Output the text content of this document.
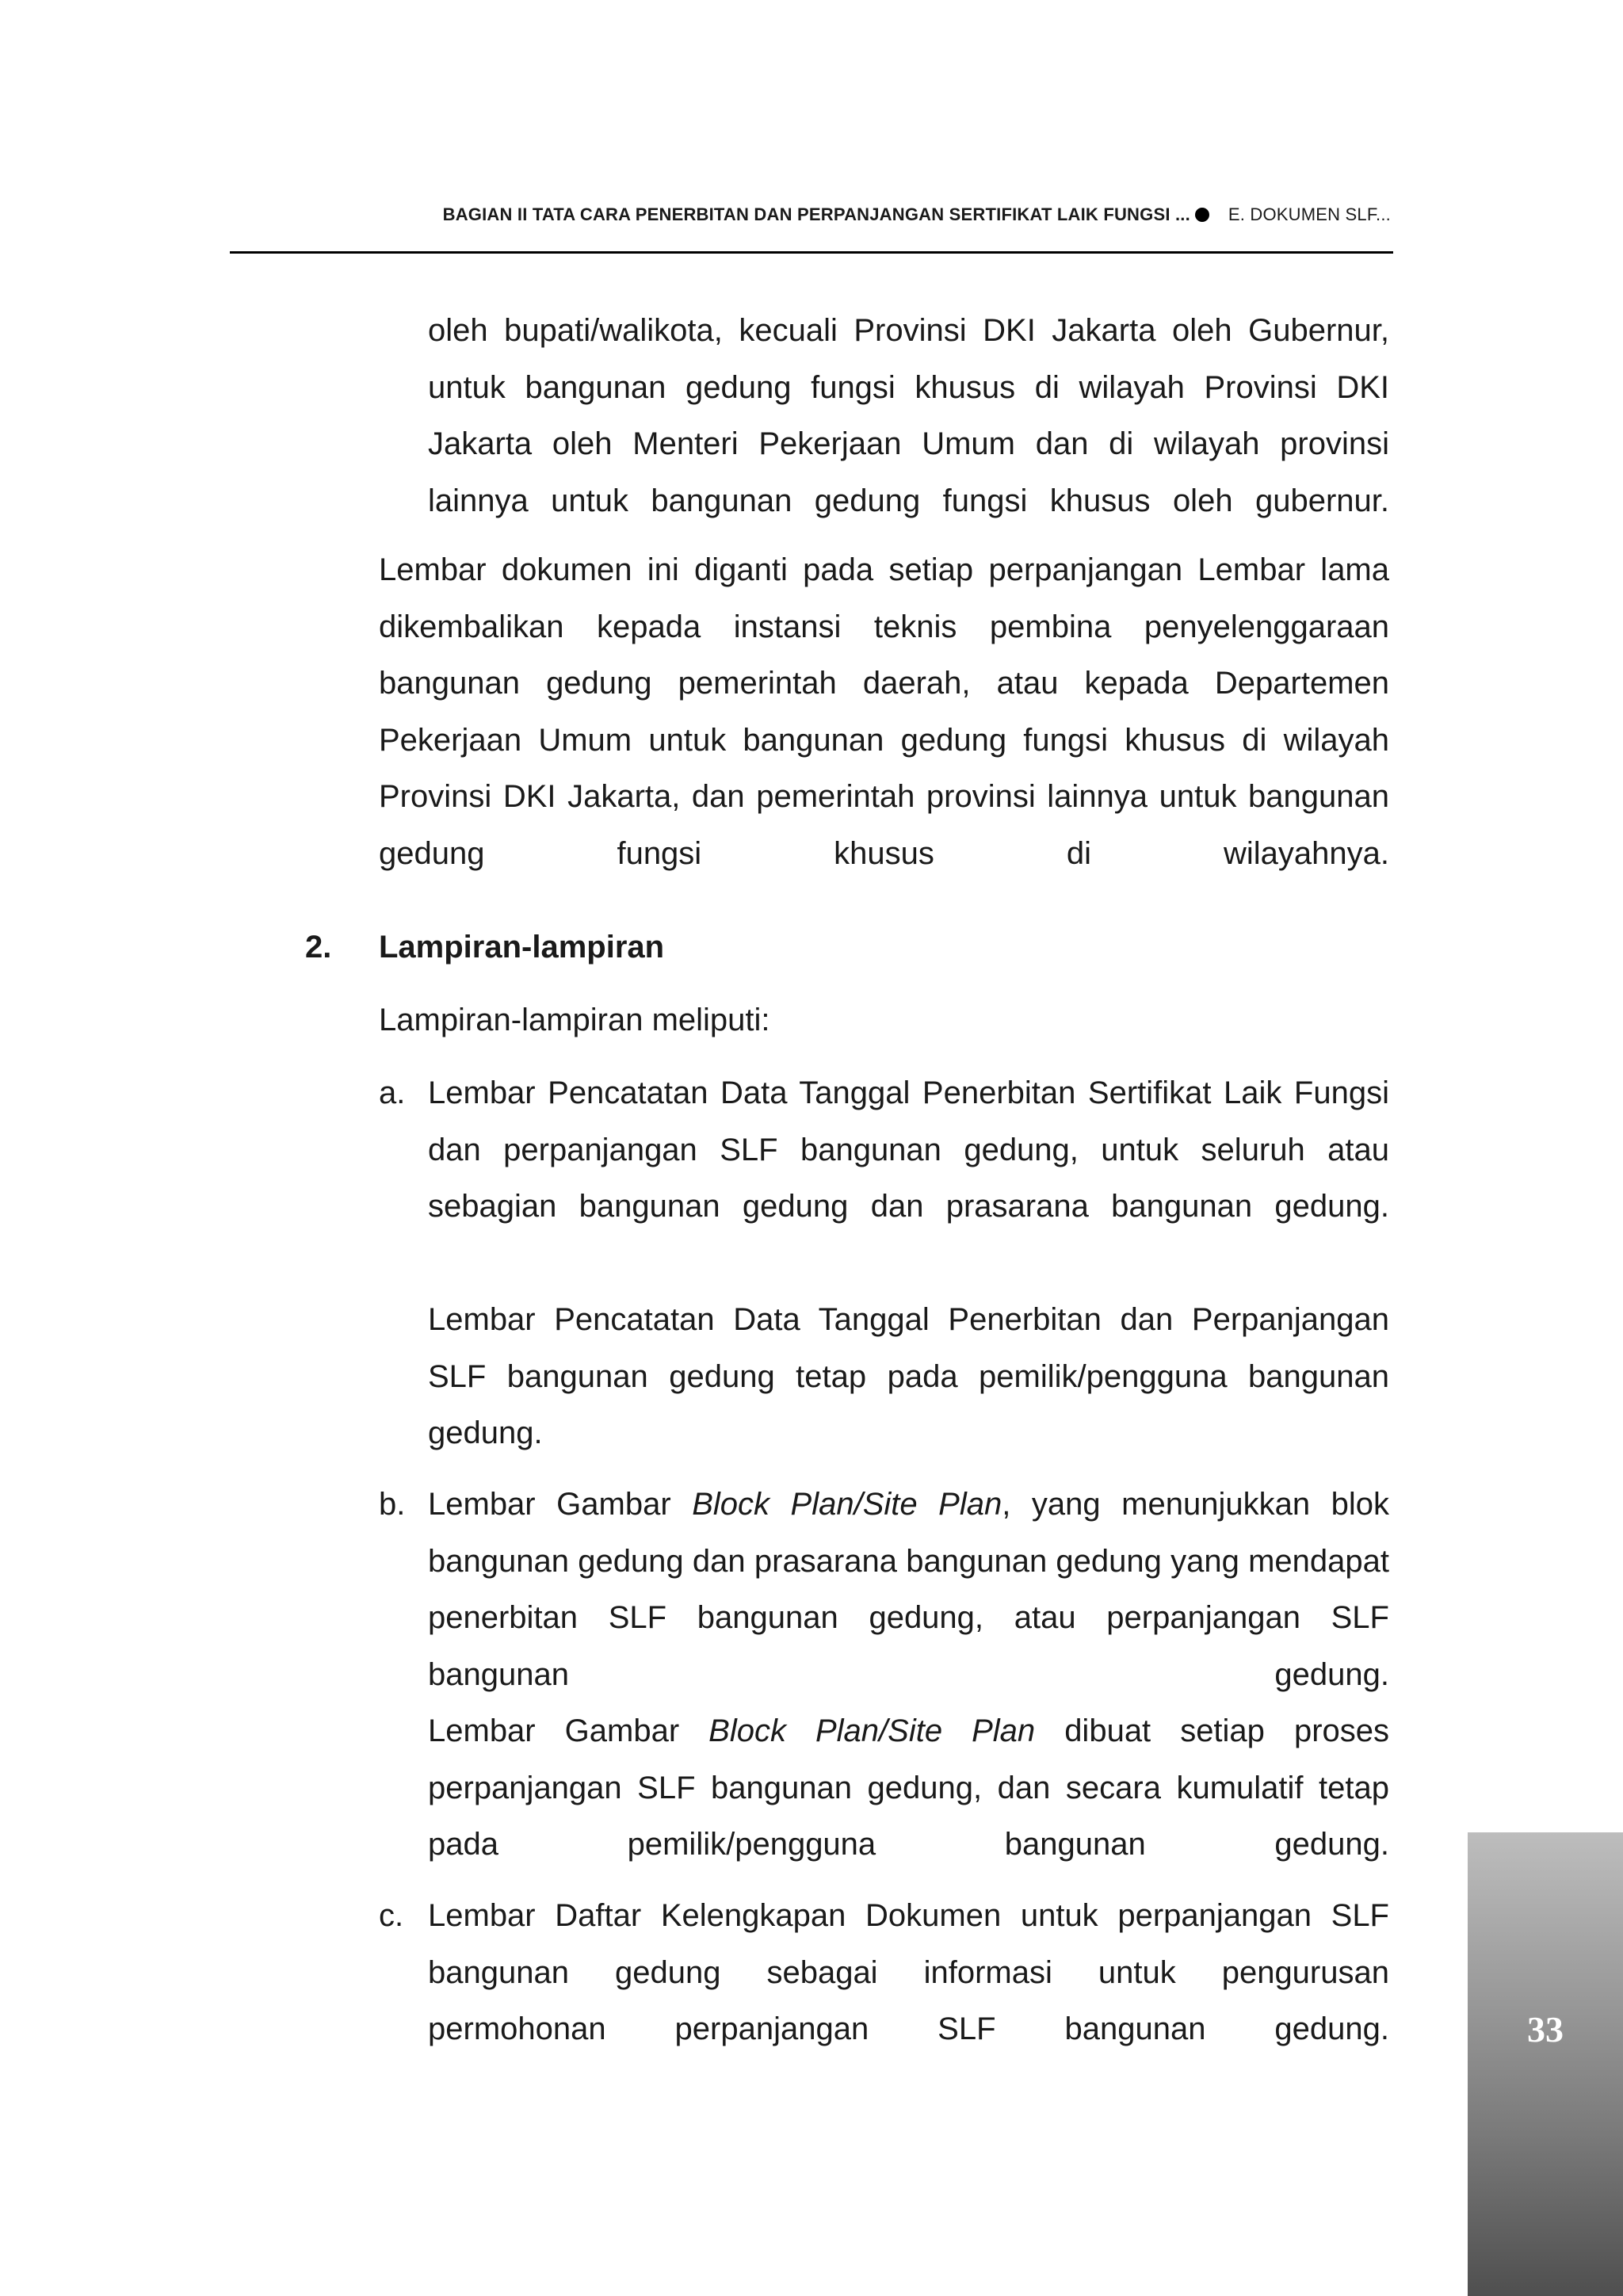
BAGIAN II TATA CARA PENERBITAN DAN PERPANJANGAN SERTIFIKAT LAIK FUNGSI ... E. DOKUMEN SLF...

oleh bupati/walikota, kecuali Provinsi DKI Jakarta oleh Gubernur, untuk bangunan gedung fungsi khusus di wilayah Provinsi DKI Jakarta oleh Menteri Pekerjaan Umum dan di wilayah provinsi lainnya untuk bangunan gedung fungsi khusus oleh gubernur.

Lembar dokumen ini diganti pada setiap perpanjangan Lembar lama dikembalikan kepada instansi teknis pembina penyelenggaraan bangunan gedung pemerintah daerah, atau kepada Departemen Pekerjaan Umum untuk bangunan gedung fungsi khusus di wilayah Provinsi DKI Jakarta, dan pemerintah provinsi lainnya untuk bangunan gedung fungsi khusus di wilayahnya.

2. Lampiran-lampiran

Lampiran-lampiran meliputi:

a. Lembar Pencatatan Data Tanggal Penerbitan Sertifikat Laik Fungsi dan perpanjangan SLF bangunan gedung, untuk seluruh atau sebagian bangunan gedung dan prasarana bangunan gedung.

Lembar Pencatatan Data Tanggal Penerbitan dan Perpanjangan SLF bangunan gedung tetap pada pemilik/pengguna bangunan gedung.

b. Lembar Gambar Block Plan/Site Plan, yang menunjukkan blok bangunan gedung dan prasarana bangunan gedung yang mendapat penerbitan SLF bangunan gedung, atau perpanjangan SLF bangunan gedung.

Lembar Gambar Block Plan/Site Plan dibuat setiap proses perpanjangan SLF bangunan gedung, dan secara kumulatif tetap pada pemilik/pengguna bangunan gedung.

c. Lembar Daftar Kelengkapan Dokumen untuk perpanjangan SLF bangunan gedung sebagai informasi untuk pengurusan permohonan perpanjangan SLF bangunan gedung.	33
